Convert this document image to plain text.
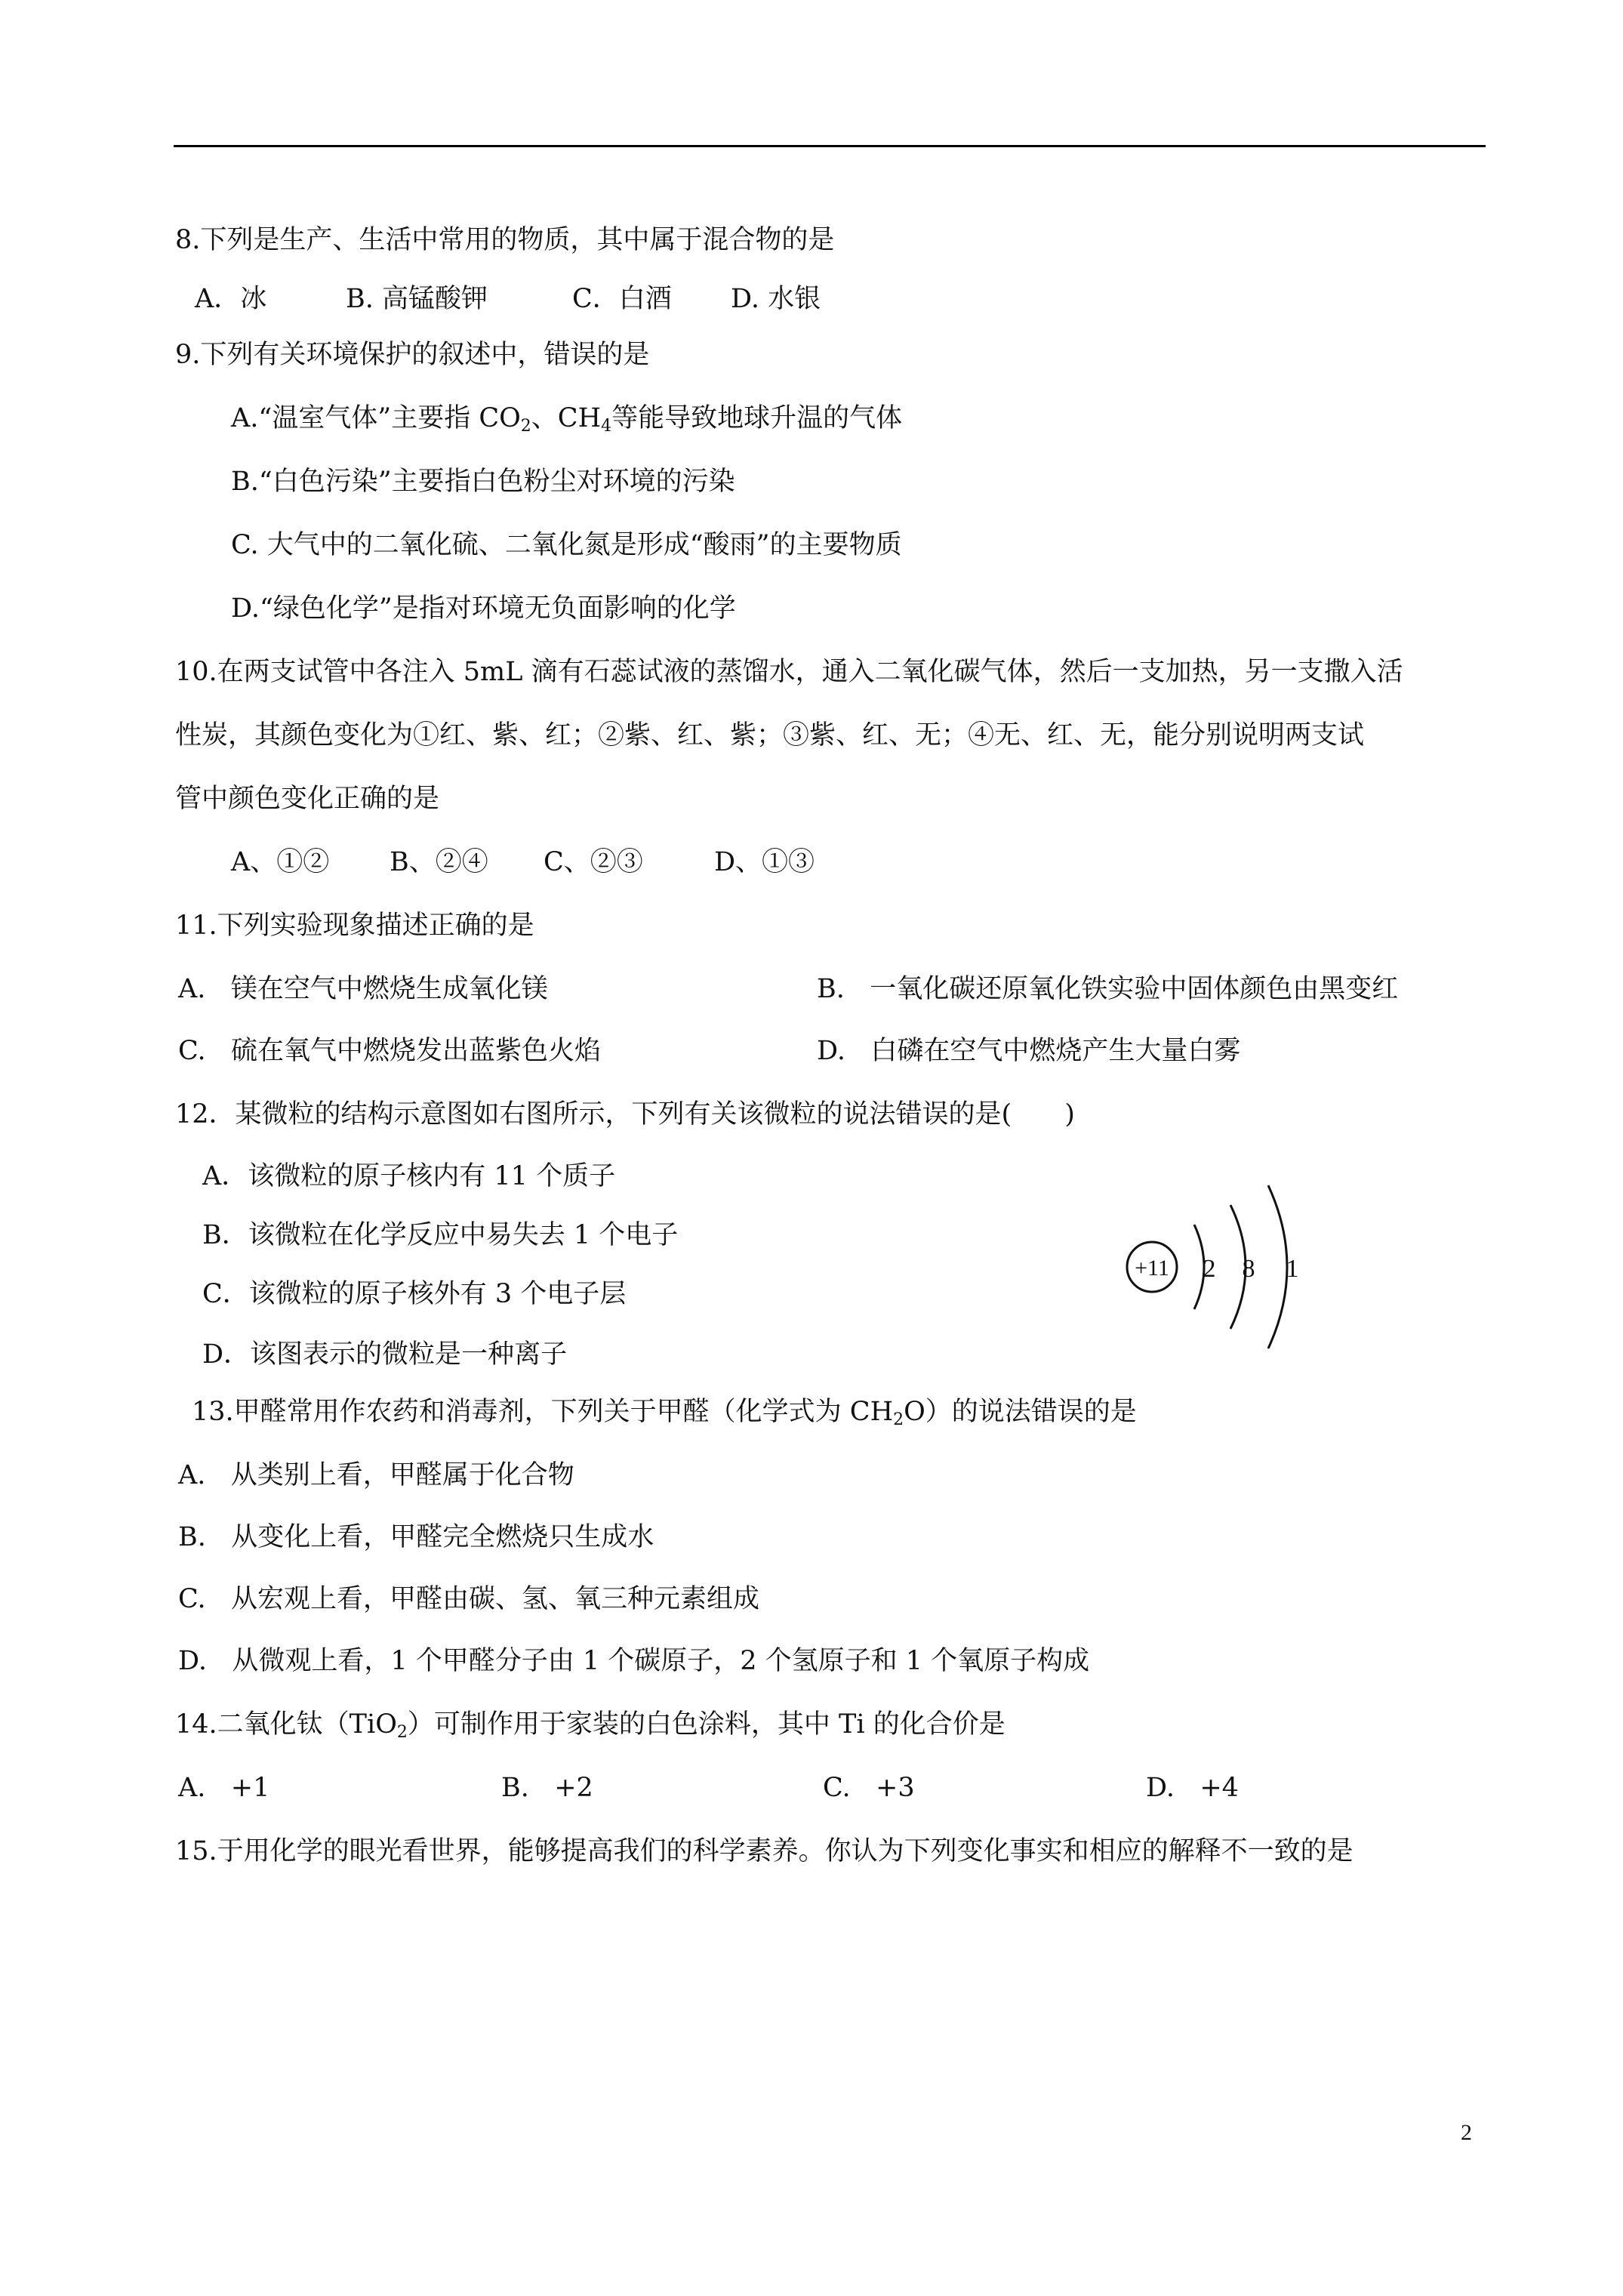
8.下列是生产、生活中常用的物质，其中属于混合物的是
A．冰	B. 高锰酸钾	C．白酒 D. 水银
9.下列有关环境保护的叙述中，错误的是
A.“温室气体”主要指 $CO_2$、$CH_4$等能导致地球升温的气体
B.“白色污染”主要指白色粉尘对环境的污染
C. 大气中的二氧化硫、二氧化氮是形成“酸雨”的主要物质
D.“绿色化学”是指对环境无负面影响的化学
10.在两支试管中各注入 5mL 滴有石蕊试液的蒸馏水，通入二氧化碳气体，然后一支加热，另一支撒入活
性炭，其颜色变化为①红、紫、红；②紫、红、紫；③紫、红、无；④无、红、无，能分别说明两支试
管中颜色变化正确的是
A、①② B、②④ C、②③	D、①③
11.下列实验现象描述正确的是
A.   镁在空气中燃烧生成氧化镁	B.   一氧化碳还原氧化铁实验中固体颜色由黑变红
C.   硫在氧气中燃烧发出蓝紫色火焰	D.   白磷在空气中燃烧产生大量白雾
12．某微粒的结构示意图如右图所示，下列有关该微粒的说法错误的是(　　)
A．该微粒的原子核内有 11 个质子
B．该微粒在化学反应中易失去 1 个电子
C．该微粒的原子核外有 3 个电子层
D．该图表示的微粒是一种离子
+11 2 8 1
13.甲醛常用作农药和消毒剂，下列关于甲醛（化学式为 $CH_2O$）的说法错误的是
A.   从类别上看，甲醛属于化合物
B.   从变化上看，甲醛完全燃烧只生成水
C.   从宏观上看，甲醛由碳、氢、氧三种元素组成
D.   从微观上看，1 个甲醛分子由 1 个碳原子，2 个氢原子和 1 个氧原子构成
14.二氧化钛（TiO$_2$）可制作用于家装的白色涂料，其中 Ti 的化合价是
A.   +1	B.   +2	C.   +3	D.   +4
15.于用化学的眼光看世界，能够提高我们的科学素养。你认为下列变化事实和相应的解释不一致的是
2
